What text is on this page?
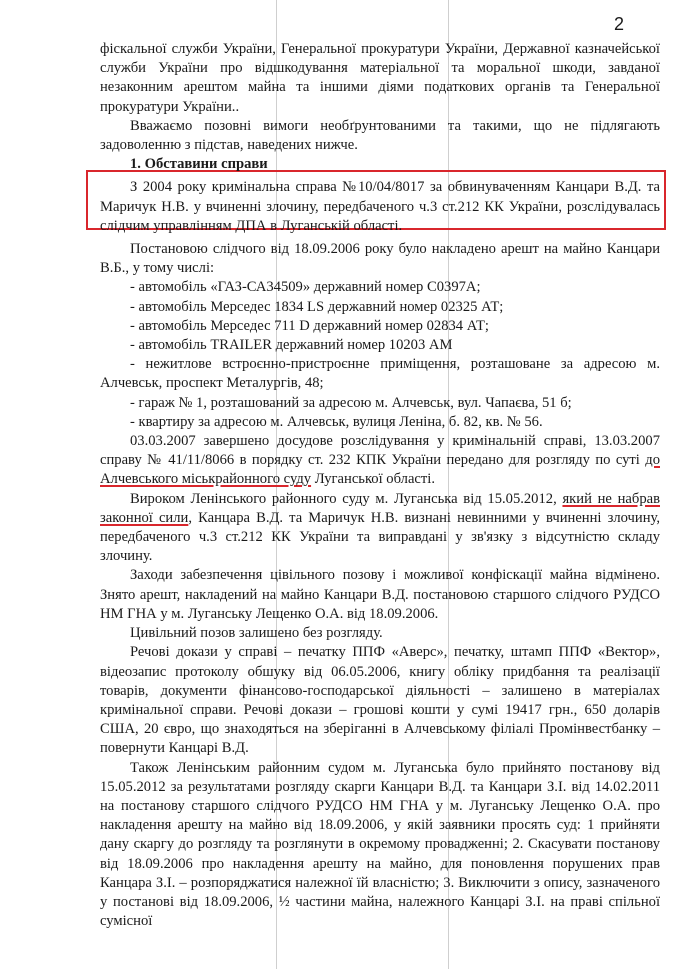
2

фіскальної служби України, Генеральної прокуратури України, Державної казначейської служби України про відшкодування матеріальної та моральної шкоди, завданої незаконним арештом майна та іншими діями податкових органів та Генеральної прокуратури України..

Вважаємо позовні вимоги необґрунтованими та такими, що не підлягають задоволенню з підстав, наведених нижче.

1. Обставини справи

З 2004 року кримінальна справа №10/04/8017 за обвинуваченням Канцари В.Д. та Маричук Н.В. у вчиненні злочину, передбаченого ч.3 ст.212 КК України, розслідувалась слідчим управлінням ДПА в Луганській області.

Постановою слідчого від 18.09.2006 року було накладено арешт на майно Канцари В.Б., у тому числі:

- автомобіль «ГАЗ-СА34509» державний номер С0397А;

- автомобіль Мерседес 1834 LS державний номер 02325 АТ;

- автомобіль Мерседес 711 D державний номер 02834 АТ;

- автомобіль TRAILER державний номер 10203 АМ

- нежитлове встроєнно-пристроєнне приміщення, розташоване за адресою м. Алчевськ, проспект Металургів, 48;

- гараж № 1, розташований за адресою м. Алчевськ, вул. Чапаєва, 51 б;

- квартиру за адресою м. Алчевськ, вулиця Леніна, б. 82, кв. № 56.

03.03.2007 завершено досудове розслідування у кримінальній справі, 13.03.2007 справу № 41/11/8066 в порядку ст. 232 КПК України передано для розгляду по суті до Алчевського міськрайонного суду Луганської області.

Вироком Ленінського районного суду м. Луганська від 15.05.2012, який не набрав законної сили, Канцара В.Д. та Маричук Н.В. визнані невинними у вчиненні злочину, передбаченого ч.3 ст.212 КК України та виправдані у зв'язку з відсутністю складу злочину.

Заходи забезпечення цівільного позову і можливої конфіскації майна відмінено. Знято арешт, накладений на майно Канцари В.Д. постановою старшого слідчого РУДСО НМ ГНА у м. Луганську Лещенко О.А. від 18.09.2006.

Цивільний позов залишено без розгляду.

Речові докази у справі – печатку ППФ «Аверс», печатку, штамп ППФ «Вектор», відеозапис протоколу обшуку від 06.05.2006, книгу обліку придбання та реалізації товарів, документи фінансово-господарської діяльності – залишено в матеріалах кримінальної справи. Речові докази – грошові кошти у сумі 19417 грн., 650 доларів США, 20 євро, що знаходяться на зберіганні в Алчевському філіалі Промінвестбанку – повернути Канцарі В.Д.

Також Ленінським районним судом м. Луганська було прийнято постанову від 15.05.2012 за результатами розгляду скарги Канцари В.Д. та Канцари З.І. від 14.02.2011 на постанову старшого слідчого РУДСО НМ ГНА у м. Луганську Лещенко О.А. про накладення арешту на майно від 18.09.2006, у якій заявники просять суд: 1 прийняти дану скаргу до розгляду та розглянути в окремому провадженні; 2. Скасувати постанову від 18.09.2006 про накладення арешту на майно, для поновлення порушених прав Канцара З.І. – розпоряджатися належної їй власністю; 3. Виключити з опису, зазначеного у постанові від 18.09.2006, ½ частини майна, належного Канцарі З.І. на праві спільної сумісної
